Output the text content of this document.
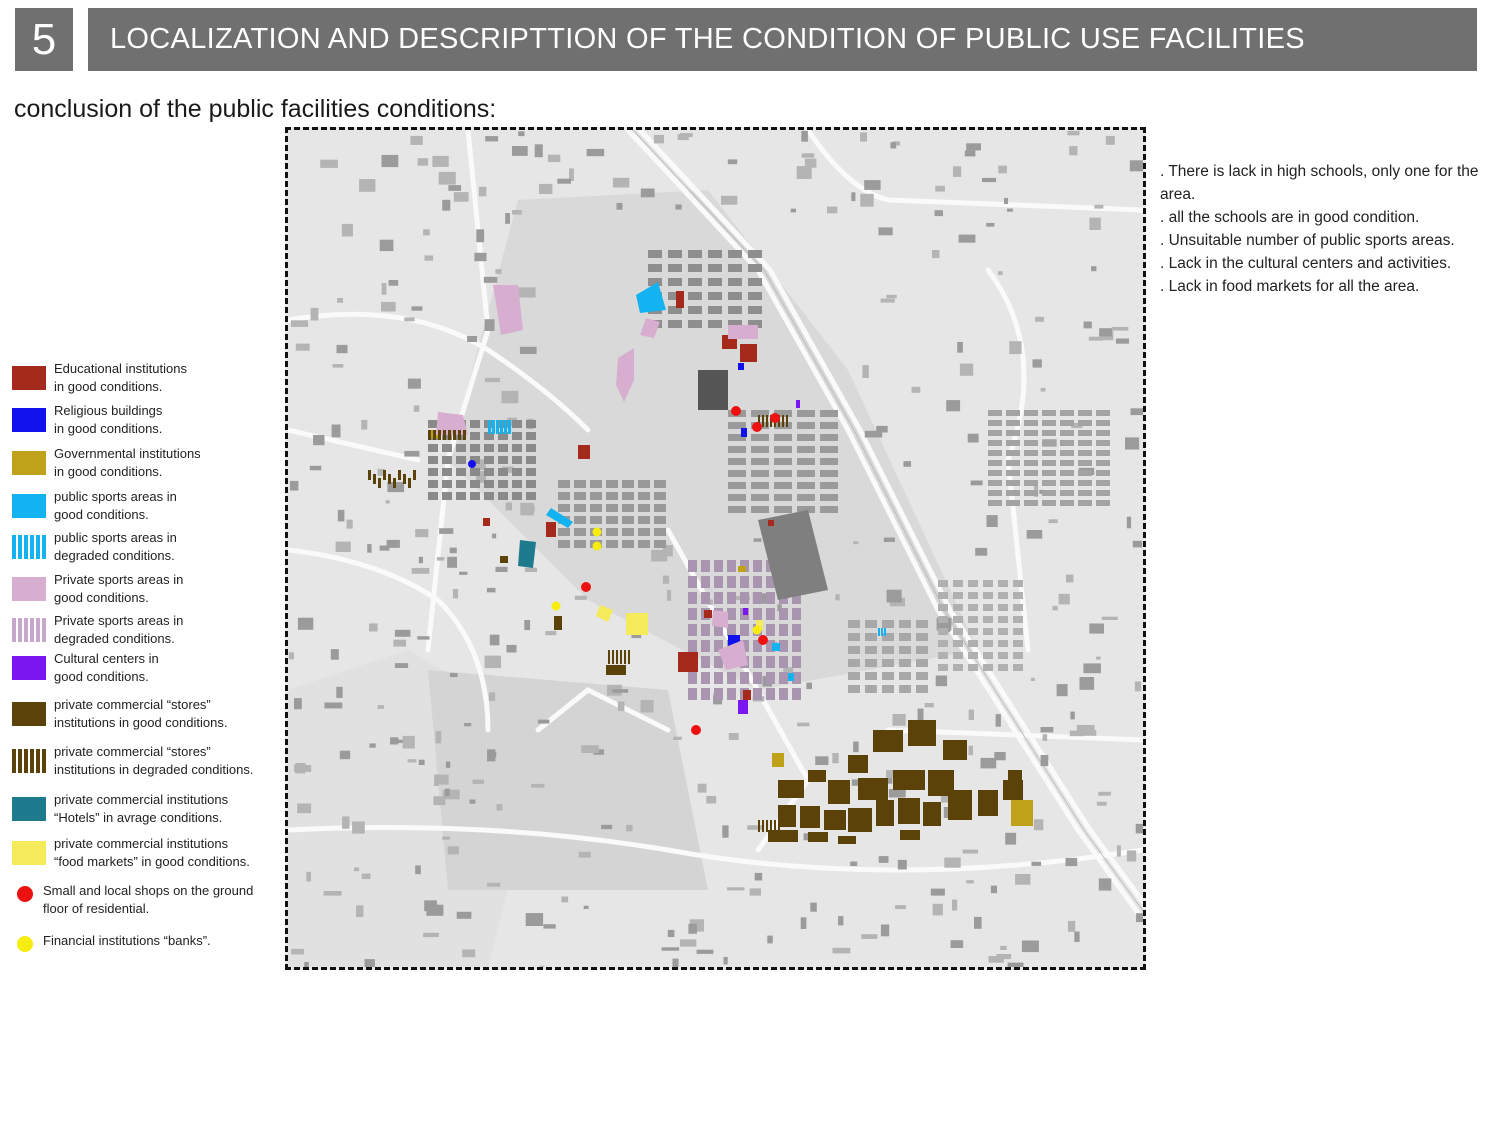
5	LOCALIZATION AND DESCRIPTTION OF THE CONDITION OF PUBLIC USE FACILITIES
conclusion of the public facilities conditions:
. There is lack in high schools, only one for the area.
. all the schools are in good condition.
. Unsuitable number of public sports areas.
. Lack in the cultural centers and activities.
. Lack in food markets for all the area.
Educational institutions
in good conditions.
Religious buildings
in good conditions.
Governmental institutions
in good conditions.
public sports areas in
good conditions.
public sports areas in
degraded conditions.
Private sports areas in
good conditions.
Private sports areas in
degraded conditions.
Cultural centers in
good conditions.
private commercial “stores”
institutions in good conditions.
private commercial “stores”
institutions in degraded conditions.
private commercial institutions
“Hotels” in avrage conditions.
private commercial institutions
“food markets” in good conditions.
Small and local shops on the ground
floor of residential.
Financial institutions “banks”.
